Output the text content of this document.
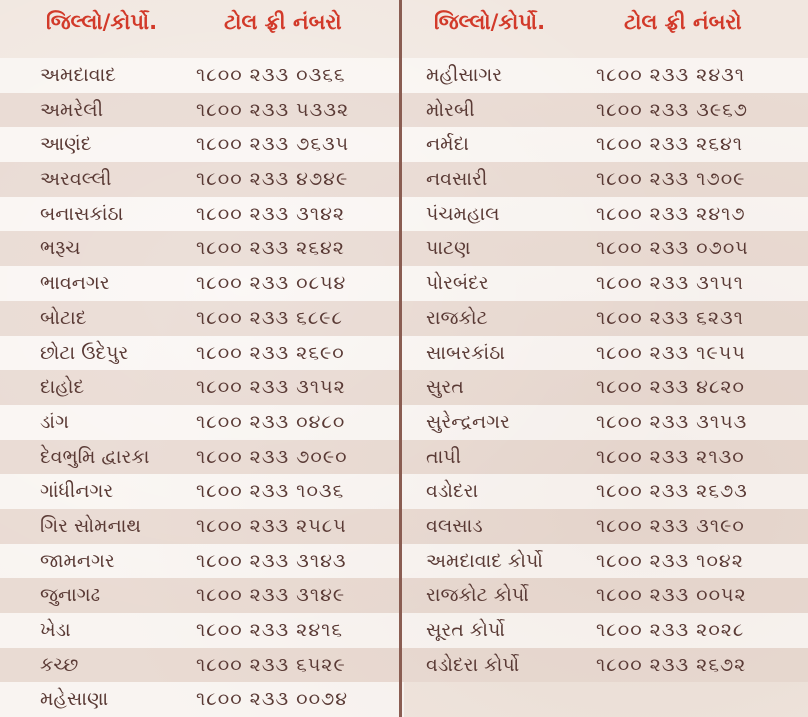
જિલ્લો/કોર્પો.	ટોલ ફ્રી નંબરો
અમદાવાદ	૧૮૦૦ ૨૩૩ ૦૩૬૬
અમરેલી	૧૮૦૦ ૨૩૩ ૫૩૩૨
આણંદ	૧૮૦૦ ૨૩૩ ૭૬૩૫
અરવલ્લી	૧૮૦૦ ૨૩૩ ૪૭૪૯
બનાસકાંઠા	૧૮૦૦ ૨૩૩ ૩૧૪૨
ભરૂચ	૧૮૦૦ ૨૩૩ ૨૬૪૨
ભાવનગર	૧૮૦૦ ૨૩૩ ૦૮૫૪
બોટાદ	૧૮૦૦ ૨૩૩ ૬૮૯૮
છોટા ઉદેપુર	૧૮૦૦ ૨૩૩ ૨૬૯૦
દાહોદ	૧૮૦૦ ૨૩૩ ૩૧૫૨
ડાંગ	૧૮૦૦ ૨૩૩ ૦૪૮૦
દેવભુમિ દ્વારકા ૧૮૦૦ ૨૩૩ ૭૦૯૦
ગાંધીનગર	૧૮૦૦ ૨૩૩ ૧૦૩૬
ગિર સોમનાથ	૧૮૦૦ ૨૩૩ ૨૫૮૫
જામનગર	૧૮૦૦ ૨૩૩ ૩૧૪૩
જુનાગઢ	૧૮૦૦ ૨૩૩ ૩૧૪૯
ખેડા	૧૮૦૦ ૨૩૩ ૨૪૧૬
કચ્છ	૧૮૦૦ ૨૩૩ ૬૫૨૯
મહેસાણા	૧૮૦૦ ૨૩૩ ૦૦૭૪
જિલ્લો/કોર્પો.	ટોલ ફ્રી નંબરો
મહીસાગર	૧૮૦૦ ૨૩૩ ૨૪૩૧
મોરબી	૧૮૦૦ ૨૩૩ ૩૯૬૭
નર્મદા	૧૮૦૦ ૨૩૩ ૨૬૪૧
નવસારી	૧૮૦૦ ૨૩૩ ૧૭૦૯
પંચમહાલ	૧૮૦૦ ૨૩૩ ૨૪૧૭
પાટણ	૧૮૦૦ ૨૩૩ ૦૭૦૫
પોરબંદર	૧૮૦૦ ૨૩૩ ૩૧૫૧
રાજકોટ	૧૮૦૦ ૨૩૩ ૬૨૩૧
સાબરકાંઠા	૧૮૦૦ ૨૩૩ ૧૯૫૫
સુરત	૧૮૦૦ ૨૩૩ ૪૮૨૦
સુરેન્દ્રનગર	૧૮૦૦ ૨૩૩ ૩૧૫૩
તાપી	૧૮૦૦ ૨૩૩ ૨૧૩૦
વડોદરા	૧૮૦૦ ૨૩૩ ૨૬૭૩
વલસાડ	૧૮૦૦ ૨૩૩ ૩૧૯૦
અમદાવાદ કોર્પો	૧૮૦૦ ૨૩૩ ૧૦૪૨
રાજકોટ કોર્પો	૧૮૦૦ ૨૩૩ ૦૦૫૨
સૂરત કોર્પો	૧૮૦૦ ૨૩૩ ૨૦૨૮
વડોદરા કોર્પો	૧૮૦૦ ૨૩૩ ૨૬૭૨
